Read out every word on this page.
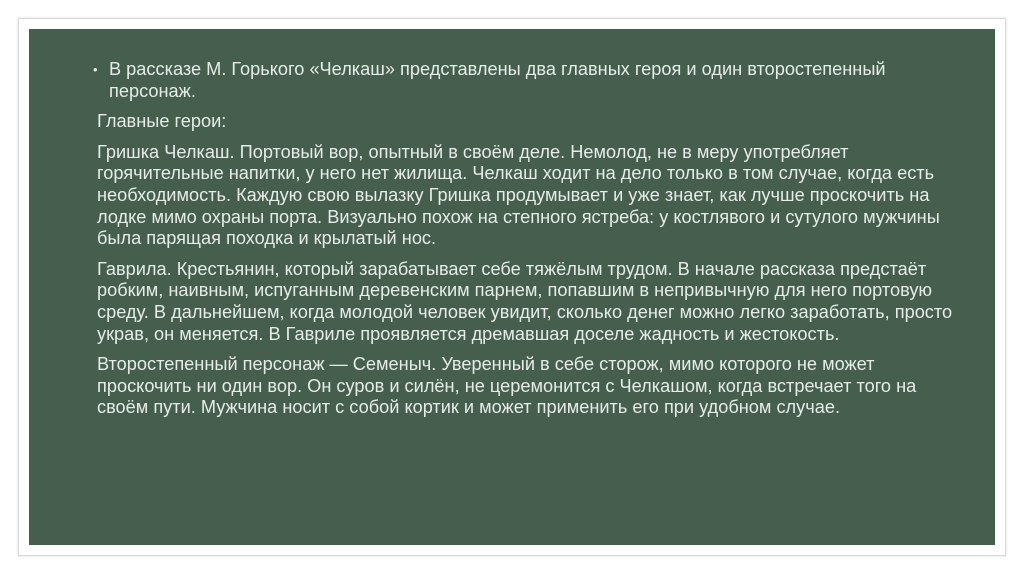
• В рассказе М. Горького «Челкаш» представлены два главных героя и один второстепенный персонаж.
Главные герои:
Гришка Челкаш. Портовый вор, опытный в своём деле. Немолод, не в меру употребляет горячительные напитки, у него нет жилища. Челкаш ходит на дело только в том случае, когда есть необходимость. Каждую свою вылазку Гришка продумывает и уже знает, как лучше проскочить на лодке мимо охраны порта. Визуально похож на степного ястреба: у костлявого и сутулого мужчины была парящая походка и крылатый нос.
Гаврила. Крестьянин, который зарабатывает себе тяжёлым трудом. В начале рассказа предстаёт робким, наивным, испуганным деревенским парнем, попавшим в непривычную для него портовую среду. В дальнейшем, когда молодой человек увидит, сколько денег можно легко заработать, просто украв, он меняется. В Гавриле проявляется дремавшая доселе жадность и жестокость.
Второстепенный персонаж — Семеныч. Уверенный в себе сторож, мимо которого не может проскочить ни один вор. Он суров и силён, не церемонится с Челкашом, когда встречает того на своём пути. Мужчина носит с собой кортик и может применить его при удобном случае.
